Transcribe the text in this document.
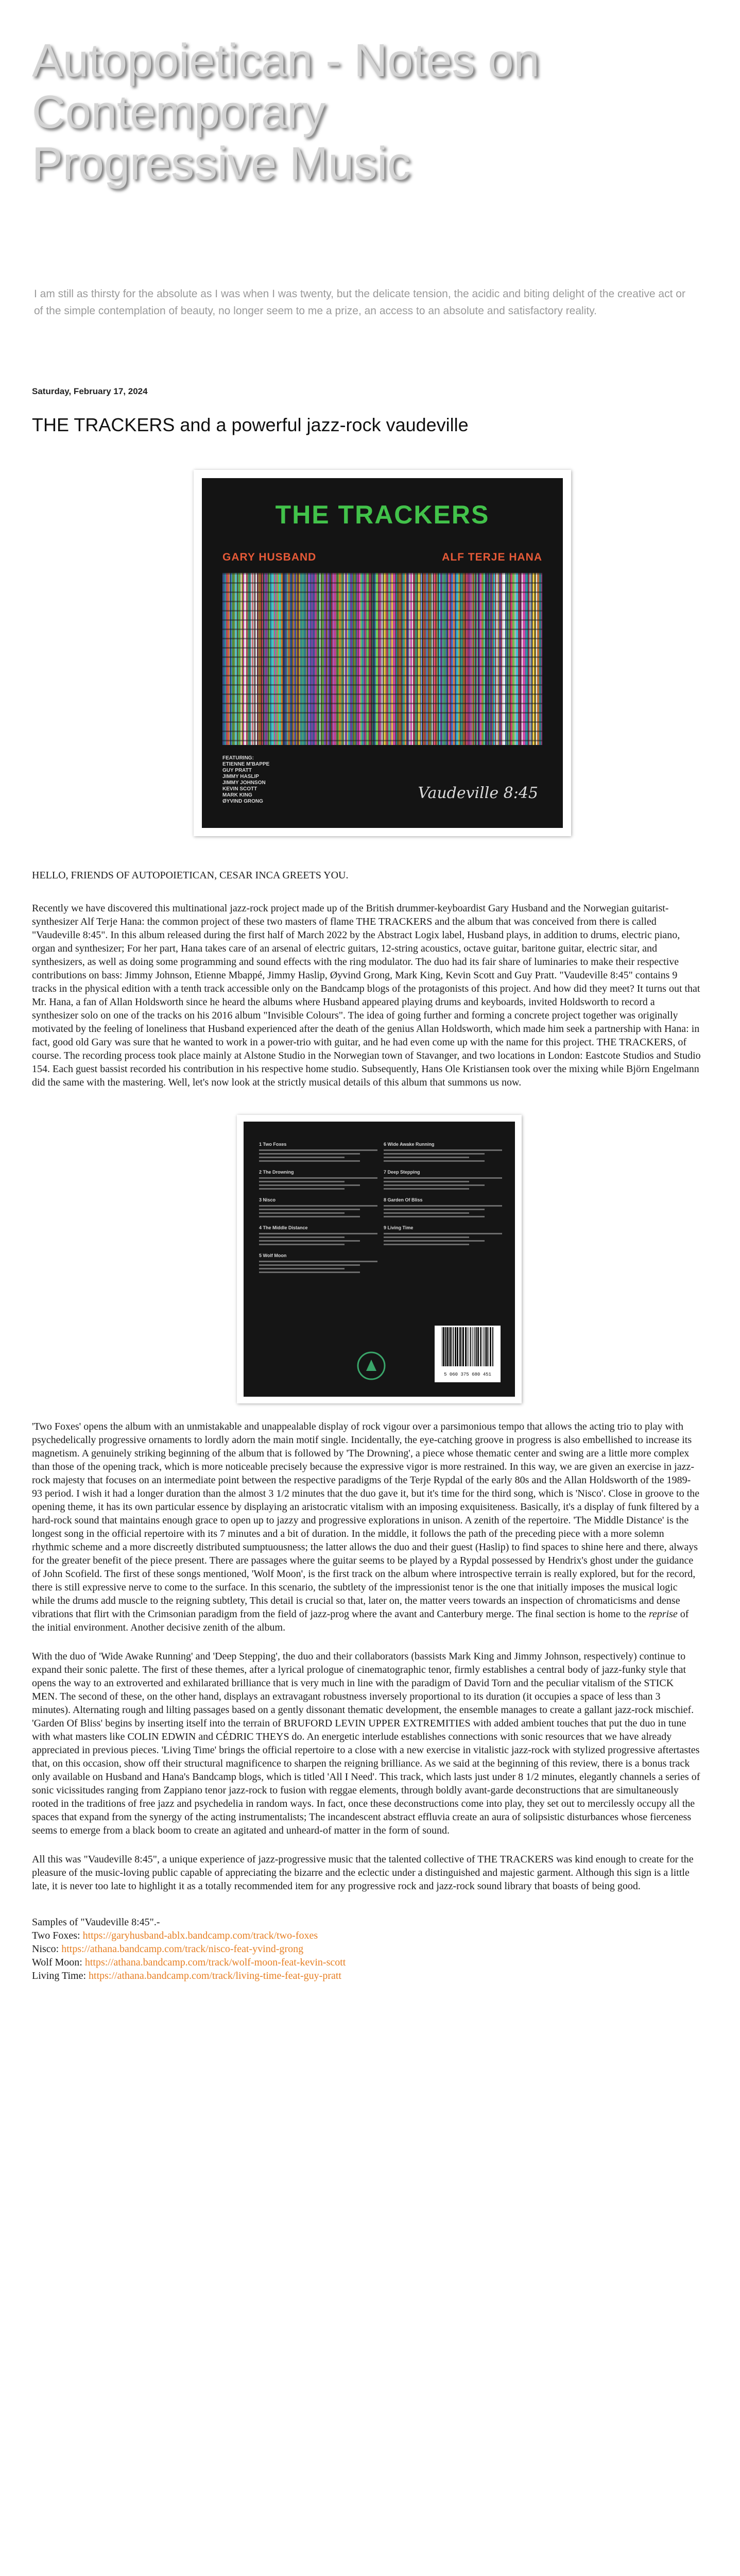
Autopoietican - Notes on Contemporary Progressive Music
I am still as thirsty for the absolute as I was when I was twenty, but the delicate tension, the acidic and biting delight of the creative act or of the simple contemplation of beauty, no longer seem to me a prize, an access to an absolute and satisfactory reality.
Saturday, February 17, 2024
THE TRACKERS and a powerful jazz-rock vaudeville
THE TRACKERS
GARY HUSBAND	ALF TERJE HANA
FEATURING:
ETIENNE M'BAPPE
GUY PRATT
JIMMY HASLIP
JIMMY JOHNSON
KEVIN SCOTT
MARK KING
ØYVIND GRONG	Vaudeville 8:45
HELLO, FRIENDS OF AUTOPOIETICAN, CESAR INCA GREETS YOU.
Recently we have discovered this multinational jazz-rock project made up of the British drummer-keyboardist Gary Husband and the Norwegian guitarist-synthesizer Alf Terje Hana: the common project of these two masters of flame THE TRACKERS and the album that was conceived from there is called "Vaudeville 8:45". In this album released during the first half of March 2022 by the Abstract Logix label, Husband plays, in addition to drums, electric piano, organ and synthesizer; For her part, Hana takes care of an arsenal of electric guitars, 12-string acoustics, octave guitar, baritone guitar, electric sitar, and synthesizers, as well as doing some programming and sound effects with the ring modulator. The duo had its fair share of luminaries to make their respective contributions on bass: Jimmy Johnson, Etienne Mbappé, Jimmy Haslip, Øyvind Grong, Mark King, Kevin Scott and Guy Pratt. "Vaudeville 8:45" contains 9 tracks in the physical edition with a tenth track accessible only on the Bandcamp blogs of the protagonists of this project. And how did they meet? It turns out that Mr. Hana, a fan of Allan Holdsworth since he heard the albums where Husband appeared playing drums and keyboards, invited Holdsworth to record a synthesizer solo on one of the tracks on his 2016 album "Invisible Colours". The idea of going further and forming a concrete project together was originally motivated by the feeling of loneliness that Husband experienced after the death of the genius Allan Holdsworth, which made him seek a partnership with Hana: in fact, good old Gary was sure that he wanted to work in a power-trio with guitar, and he had even come up with the name for this project. THE TRACKERS, of course. The recording process took place mainly at Alstone Studio in the Norwegian town of Stavanger, and two locations in London: Eastcote Studios and Studio 154. Each guest bassist recorded his contribution in his respective home studio. Subsequently, Hans Ole Kristiansen took over the mixing while Björn Engelmann did the same with the mastering. Well, let's now look at the strictly musical details of this album that summons us now.
1 Two Foxes
2 The Drowning
3 Nisco
4 The Middle Distance
5 Wolf Moon
6 Wide Awake Running
7 Deep Stepping
8 Garden Of Bliss
9 Living Time
5 060 375 680 451
'Two Foxes' opens the album with an unmistakable and unappealable display of rock vigour over a parsimonious tempo that allows the acting trio to play with psychedelically progressive ornaments to lordly adorn the main motif single. Incidentally, the eye-catching groove in progress is also embellished to increase its magnetism. A genuinely striking beginning of the album that is followed by 'The Drowning', a piece whose thematic center and swing are a little more complex than those of the opening track, which is more noticeable precisely because the expressive vigor is more restrained. In this way, we are given an exercise in jazz-rock majesty that focuses on an intermediate point between the respective paradigms of the Terje Rypdal of the early 80s and the Allan Holdsworth of the 1989-93 period. I wish it had a longer duration than the almost 3 1/2 minutes that the duo gave it, but it's time for the third song, which is 'Nisco'. Close in groove to the opening theme, it has its own particular essence by displaying an aristocratic vitalism with an imposing exquisiteness. Basically, it's a display of funk filtered by a hard-rock sound that maintains enough grace to open up to jazzy and progressive explorations in unison. A zenith of the repertoire. 'The Middle Distance' is the longest song in the official repertoire with its 7 minutes and a bit of duration. In the middle, it follows the path of the preceding piece with a more solemn rhythmic scheme and a more discreetly distributed sumptuousness; the latter allows the duo and their guest (Haslip) to find spaces to shine here and there, always for the greater benefit of the piece present. There are passages where the guitar seems to be played by a Rypdal possessed by Hendrix's ghost under the guidance of John Scofield. The first of these songs mentioned, 'Wolf Moon', is the first track on the album where introspective terrain is really explored, but for the record, there is still expressive nerve to come to the surface. In this scenario, the subtlety of the impressionist tenor is the one that initially imposes the musical logic while the drums add muscle to the reigning subtlety, This detail is crucial so that, later on, the matter veers towards an inspection of chromaticisms and dense vibrations that flirt with the Crimsonian paradigm from the field of jazz-prog where the avant and Canterbury merge. The final section is home to the reprise of the initial environment. Another decisive zenith of the album.
With the duo of 'Wide Awake Running' and 'Deep Stepping', the duo and their collaborators (bassists Mark King and Jimmy Johnson, respectively) continue to expand their sonic palette. The first of these themes, after a lyrical prologue of cinematographic tenor, firmly establishes a central body of jazz-funky style that opens the way to an extroverted and exhilarated brilliance that is very much in line with the paradigm of David Torn and the peculiar vitalism of the STICK MEN. The second of these, on the other hand, displays an extravagant robustness inversely proportional to its duration (it occupies a space of less than 3 minutes). Alternating rough and lilting passages based on a gently dissonant thematic development, the ensemble manages to create a gallant jazz-rock mischief. 'Garden Of Bliss' begins by inserting itself into the terrain of BRUFORD LEVIN UPPER EXTREMITIES with added ambient touches that put the duo in tune with what masters like COLIN EDWIN and CÉDRIC THEYS do. An energetic interlude establishes connections with sonic resources that we have already appreciated in previous pieces. 'Living Time' brings the official repertoire to a close with a new exercise in vitalistic jazz-rock with stylized progressive aftertastes that, on this occasion, show off their structural magnificence to sharpen the reigning brilliance. As we said at the beginning of this review, there is a bonus track only available on Husband and Hana's Bandcamp blogs, which is titled 'All I Need'. This track, which lasts just under 8 1/2 minutes, elegantly channels a series of sonic vicissitudes ranging from Zappiano tenor jazz-rock to fusion with reggae elements, through boldly avant-garde deconstructions that are simultaneously rooted in the traditions of free jazz and psychedelia in random ways. In fact, once these deconstructions come into play, they set out to mercilessly occupy all the spaces that expand from the synergy of the acting instrumentalists; The incandescent abstract effluvia create an aura of solipsistic disturbances whose fierceness seems to emerge from a black boom to create an agitated and unheard-of matter in the form of sound.
All this was "Vaudeville 8:45", a unique experience of jazz-progressive music that the talented collective of THE TRACKERS was kind enough to create for the pleasure of the music-loving public capable of appreciating the bizarre and the eclectic under a distinguished and majestic garment. Although this sign is a little late, it is never too late to highlight it as a totally recommended item for any progressive rock and jazz-rock sound library that boasts of being good.
Samples of "Vaudeville 8:45".-
Two Foxes: https://garyhusband-ablx.bandcamp.com/track/two-foxes
Nisco: https://athana.bandcamp.com/track/nisco-feat-yvind-grong
Wolf Moon: https://athana.bandcamp.com/track/wolf-moon-feat-kevin-scott
Living Time: https://athana.bandcamp.com/track/living-time-feat-guy-pratt
